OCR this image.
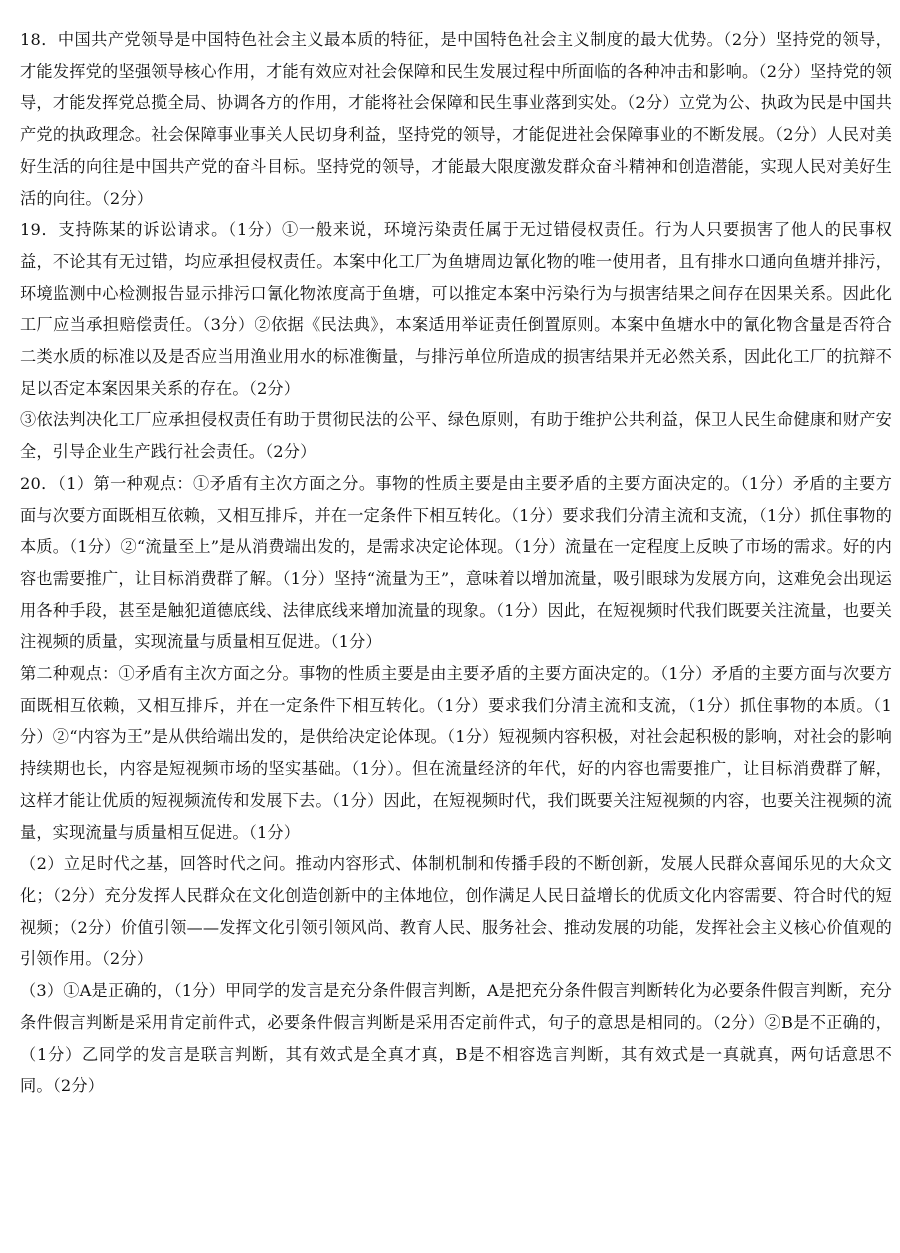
18．中国共产党领导是中国特色社会主义最本质的特征，是中国特色社会主义制度的最大优势。（2分）坚持党的领导，才能发挥党的坚强领导核心作用，才能有效应对社会保障和民生发展过程中所面临的各种冲击和影响。（2分）坚持党的领导，才能发挥党总揽全局、协调各方的作用，才能将社会保障和民生事业落到实处。（2分）立党为公、执政为民是中国共产党的执政理念。社会保障事业事关人民切身利益，坚持党的领导，才能促进社会保障事业的不断发展。（2分）人民对美好生活的向往是中国共产党的奋斗目标。坚持党的领导，才能最大限度激发群众奋斗精神和创造潜能，实现人民对美好生活的向往。（2分）

19．支持陈某的诉讼请求。（1分）①一般来说，环境污染责任属于无过错侵权责任。行为人只要损害了他人的民事权益，不论其有无过错，均应承担侵权责任。本案中化工厂为鱼塘周边氰化物的唯一使用者，且有排水口通向鱼塘并排污，环境监测中心检测报告显示排污口氰化物浓度高于鱼塘，可以推定本案中污染行为与损害结果之间存在因果关系。因此化工厂应当承担赔偿责任。（3分）②依据《民法典》，本案适用举证责任倒置原则。本案中鱼塘水中的氰化物含量是否符合二类水质的标准以及是否应当用渔业用水的标准衡量，与排污单位所造成的损害结果并无必然关系，因此化工厂的抗辩不足以否定本案因果关系的存在。（2分）

③依法判决化工厂应承担侵权责任有助于贯彻民法的公平、绿色原则，有助于维护公共利益，保卫人民生命健康和财产安全，引导企业生产践行社会责任。（2分）

20．（1）第一种观点：①矛盾有主次方面之分。事物的性质主要是由主要矛盾的主要方面决定的。（1分）矛盾的主要方面与次要方面既相互依赖，又相互排斥，并在一定条件下相互转化。（1分）要求我们分清主流和支流，（1分）抓住事物的本质。（1分）②“流量至上”是从消费端出发的，是需求决定论体现。（1分）流量在一定程度上反映了市场的需求。好的内容也需要推广，让目标消费群了解。（1分）坚持“流量为王”，意味着以增加流量，吸引眼球为发展方向，这难免会出现运用各种手段，甚至是触犯道德底线、法律底线来增加流量的现象。（1分）因此，在短视频时代我们既要关注流量，也要关注视频的质量，实现流量与质量相互促进。（1分）

第二种观点：①矛盾有主次方面之分。事物的性质主要是由主要矛盾的主要方面决定的。（1分）矛盾的主要方面与次要方面既相互依赖，又相互排斥，并在一定条件下相互转化。（1分）要求我们分清主流和支流，（1分）抓住事物的本质。（1分）②“内容为王”是从供给端出发的，是供给决定论体现。（1分）短视频内容积极，对社会起积极的影响，对社会的影响持续期也长，内容是短视频市场的坚实基础。（1分）。但在流量经济的年代，好的内容也需要推广，让目标消费群了解，这样才能让优质的短视频流传和发展下去。（1分）因此，在短视频时代，我们既要关注短视频的内容，也要关注视频的流量，实现流量与质量相互促进。（1分）

（2）立足时代之基，回答时代之问。推动内容形式、体制机制和传播手段的不断创新，发展人民群众喜闻乐见的大众文化；（2分）充分发挥人民群众在文化创造创新中的主体地位，创作满足人民日益增长的优质文化内容需要、符合时代的短视频；（2分）价值引领——发挥文化引领引领风尚、教育人民、服务社会、推动发展的功能，发挥社会主义核心价值观的引领作用。（2分）

（3）①A是正确的，（1分）甲同学的发言是充分条件假言判断，A是把充分条件假言判断转化为必要条件假言判断，充分条件假言判断是采用肯定前件式，必要条件假言判断是采用否定前件式，句子的意思是相同的。（2分）②B是不正确的，（1分）乙同学的发言是联言判断，其有效式是全真才真，B是不相容选言判断，其有效式是一真就真，两句话意思不同。（2分）
